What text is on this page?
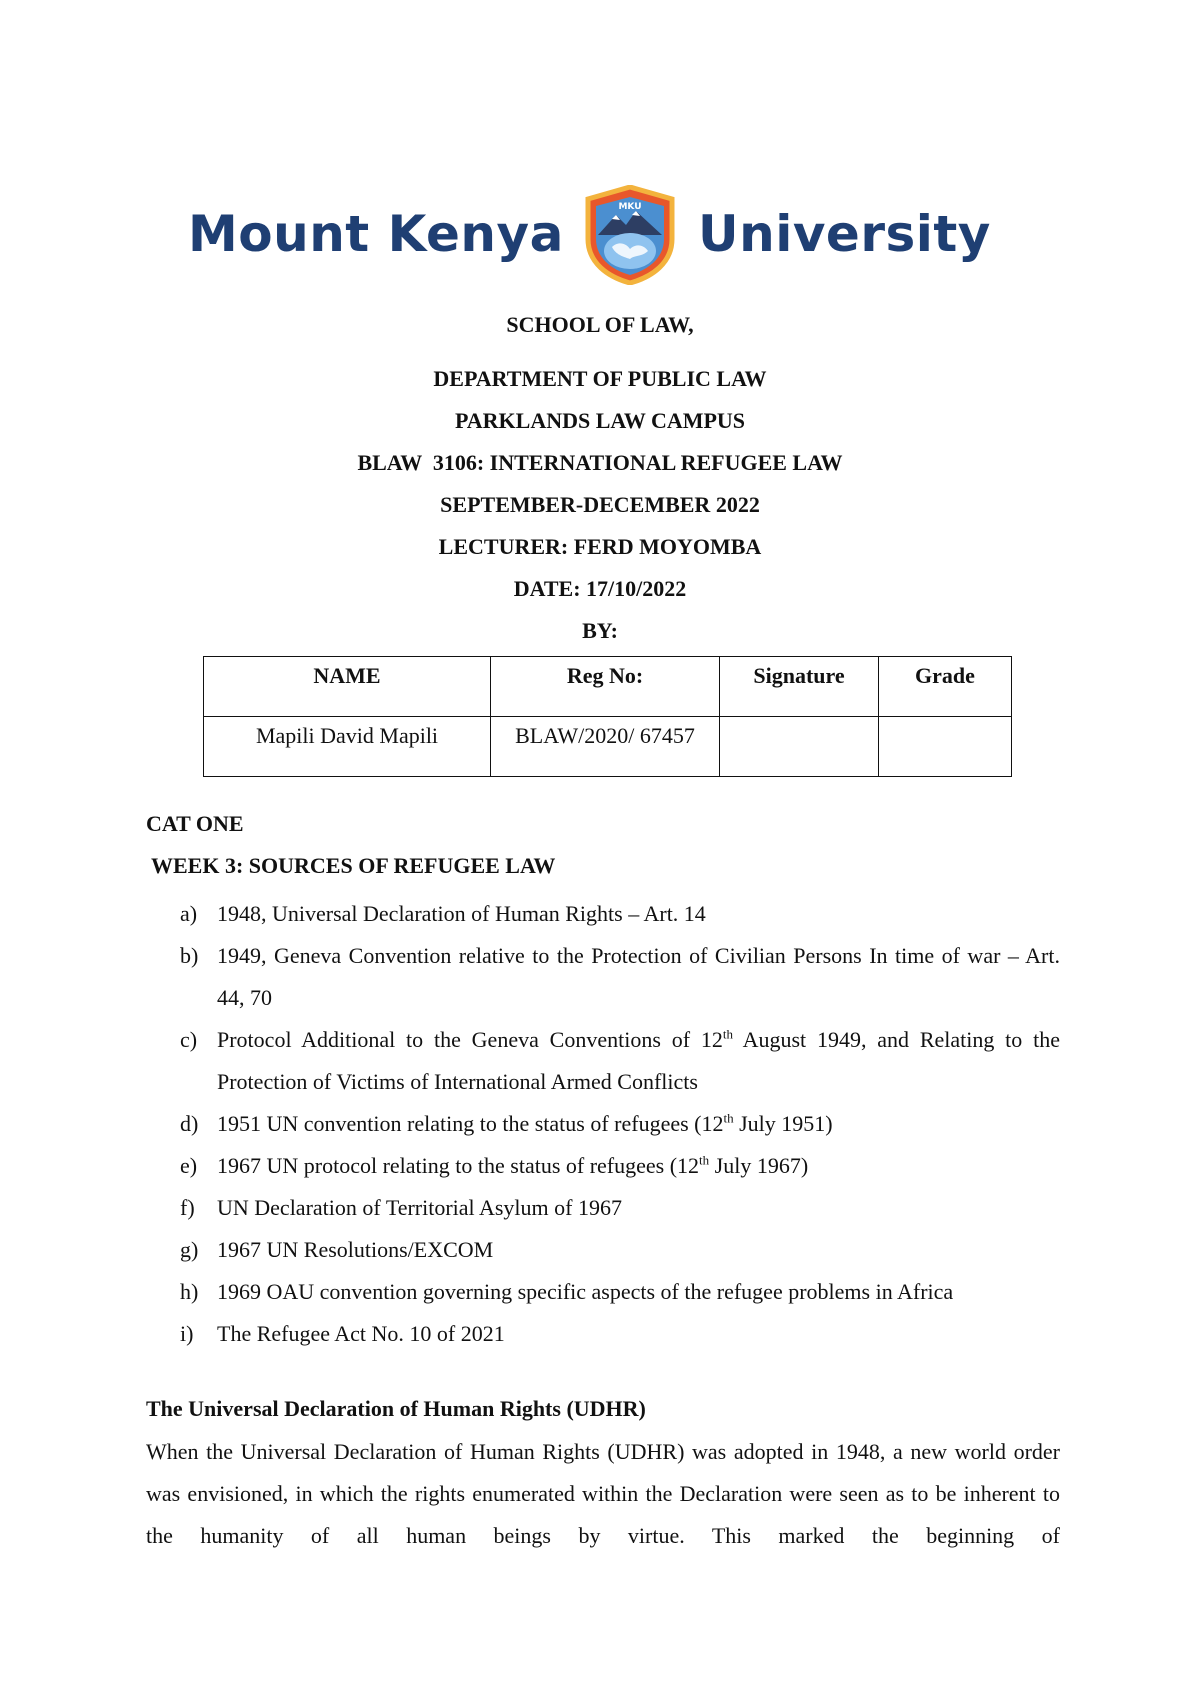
Mount Kenya	MKU University
SCHOOL OF LAW,
DEPARTMENT OF PUBLIC LAW
PARKLANDS LAW CAMPUS
BLAW  3106: INTERNATIONAL REFUGEE LAW
SEPTEMBER-DECEMBER 2022
LECTURER: FERD MOYOMBA
DATE: 17/10/2022
BY:
NAME	Reg No:	Signature	Grade
Mapili David Mapili	BLAW/2020/ 67457		
CAT ONE
WEEK 3: SOURCES OF REFUGEE LAW
a) 1948, Universal Declaration of Human Rights – Art. 14
b) 1949, Geneva Convention relative to the Protection of Civilian Persons In time of war – Art. 44, 70
c) Protocol Additional to the Geneva Conventions of 12th August 1949, and Relating to the Protection of Victims of International Armed Conflicts
d) 1951 UN convention relating to the status of refugees (12th July 1951)
e) 1967 UN protocol relating to the status of refugees (12th July 1967)
f) UN Declaration of Territorial Asylum of 1967
g) 1967 UN Resolutions/EXCOM
h) 1969 OAU convention governing specific aspects of the refugee problems in Africa
i) The Refugee Act No. 10 of 2021
The Universal Declaration of Human Rights (UDHR)
When the Universal Declaration of Human Rights (UDHR) was adopted in 1948, a new world order was envisioned, in which the rights enumerated within the Declaration were seen as to be inherent to the humanity of all human beings by virtue. This marked the beginning of
